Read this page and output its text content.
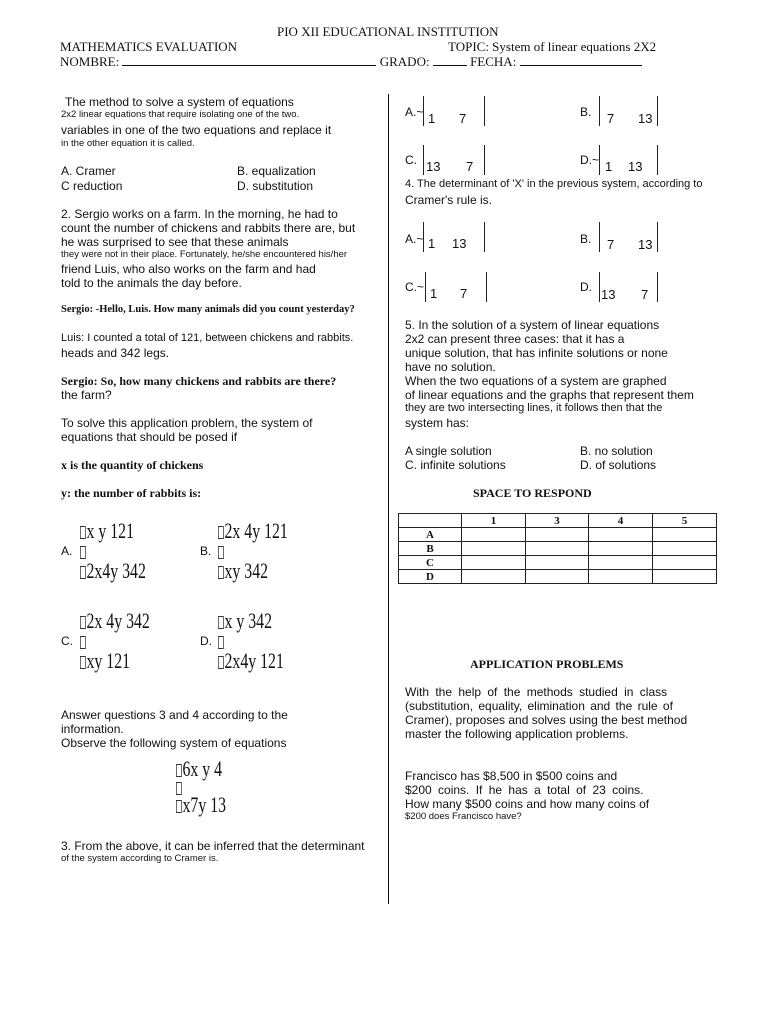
PIO XII EDUCATIONAL INSTITUTION
MATHEMATICS EVALUATION	TOPIC: System of linear equations 2X2
NOMBRE:	GRADO:	FECHA:
The method to solve a system of equations
2x2 linear equations that require isolating one of the two.
variables in one of the two equations and replace it
in the other equation it is called.
A. Cramer	B. equalization
C reduction	D. substitution
2. Sergio works on a farm. In the morning, he had to
count the number of chickens and rabbits there are, but
he was surprised to see that these animals
they were not in their place. Fortunately, he/she encountered his/her
friend Luis, who also works on the farm and had
told to the animals the day before.
Sergio: -Hello, Luis. How many animals did you count yesterday?
Luis: I counted a total of 121, between chickens and rabbits.
heads and 342 legs.
Sergio: So, how many chickens and rabbits are there?
the farm?
To solve this application problem, the system of
equations that should be posed if
x is the quantity of chickens
y: the number of rabbits is:
A.
x y 121
2x4y 342
B.
2x 4y 121
xy 342
C.
2x 4y 342
xy 121
D.
x y 342
2x4y 121
Answer questions 3 and 4 according to the
information.
Observe the following system of equations
6x y 4
x7y 13
3. From the above, it can be inferred that the determinant
of the system according to Cramer is.
A.~ 1 7	B. 7 13
C. 13 7	D.~ 1 13
4. The determinant of 'X' in the previous system, according to
Cramer's rule is.
A.~ 1 13	B. 7 13
C.~ 1 7	D. 13 7
5. In the solution of a system of linear equations
2x2 can present three cases: that it has a
unique solution, that has infinite solutions or none
have no solution.
When the two equations of a system are graphed
of linear equations and the graphs that represent them
they are two intersecting lines, it follows then that the
system has:
A single solution	B. no solution
C. infinite solutions	D. of solutions
SPACE TO RESPOND
	1	3	4	5
A				
B				
C				
D				
APPLICATION PROBLEMS
With the help of the methods studied in class
(substitution, equality, elimination and the rule of
Cramer), proposes and solves using the best method
master the following application problems.
Francisco has $8,500 in $500 coins and
$200 coins. If he has a total of 23 coins.
How many $500 coins and how many coins of
$200 does Francisco have?
